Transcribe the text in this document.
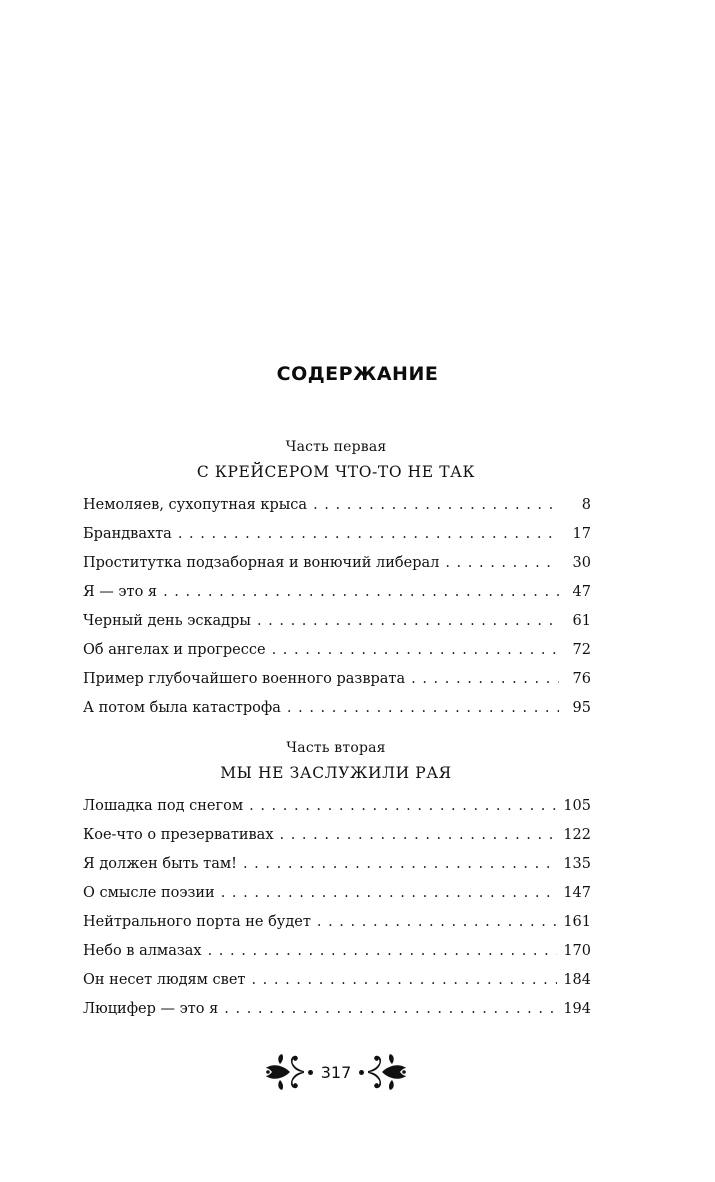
СОДЕРЖАНИЕ
Часть первая
С КРЕЙСЕРОМ ЧТО-ТО НЕ ТАК
Немоляев, сухопутная крыса . . .	8
Брандвахта . . .	17
Проститутка подзаборная и вонючий либерал . . .	30
Я — это я . . .	47
Черный день эскадры . . .	61
Об ангелах и прогрессе . . .	72
Пример глубочайшего военного разврата . . .	76
А потом была катастрофа . . .	95
Часть вторая
МЫ НЕ ЗАСЛУЖИЛИ РАЯ
Лошадка под снегом . . .	105
Кое-что о презервативах . . .	122
Я должен быть там! . . .	135
О смысле поэзии . . .	147
Нейтрального порта не будет . . .	161
Небо в алмазах . . .	170
Он несет людям свет . . .	184
Люцифер — это я . . .	194
317
